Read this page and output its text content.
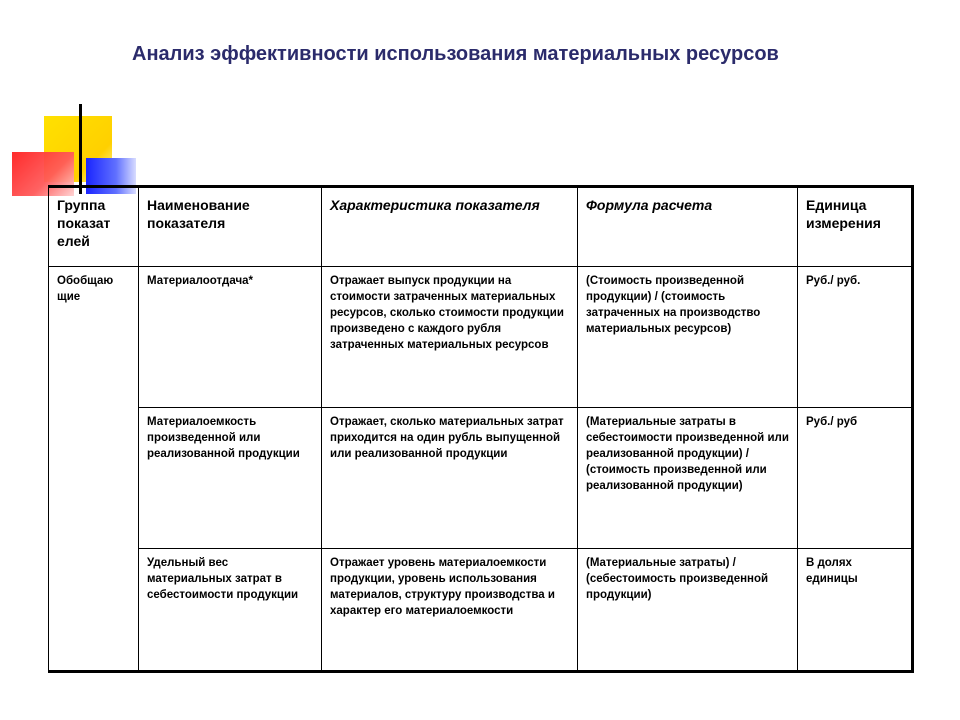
Анализ эффективности использования материальных ресурсов
Группа показат елей	Наименование показателя	Характеристика показателя	Формула расчета	Единица измерения
Обобщаю щие	Материалоотдача*	Отражает выпуск продукции на стоимости затраченных материальных ресурсов, сколько стоимости продукции произведено с каждого рубля затраченных материальных ресурсов	(Стоимость произведенной продукции) / (стоимость затраченных на производство материальных ресурсов)	Руб./ руб.
	Материалоемкость произведенной или реализованной продукции	Отражает, сколько материальных затрат приходится на один рубль выпущенной или реализованной продукции	(Материальные затраты в себестоимости произведенной или реализованной продукции) / (стоимость произведенной или реализованной продукции)	Руб./ руб
	Удельный вес материальных затрат в себестоимости продукции	Отражает уровень материалоемкости продукции, уровень использования материалов, структуру производства и характер его материалоемкости	(Материальные затраты) / (себестоимость произведенной продукции)	В долях единицы
